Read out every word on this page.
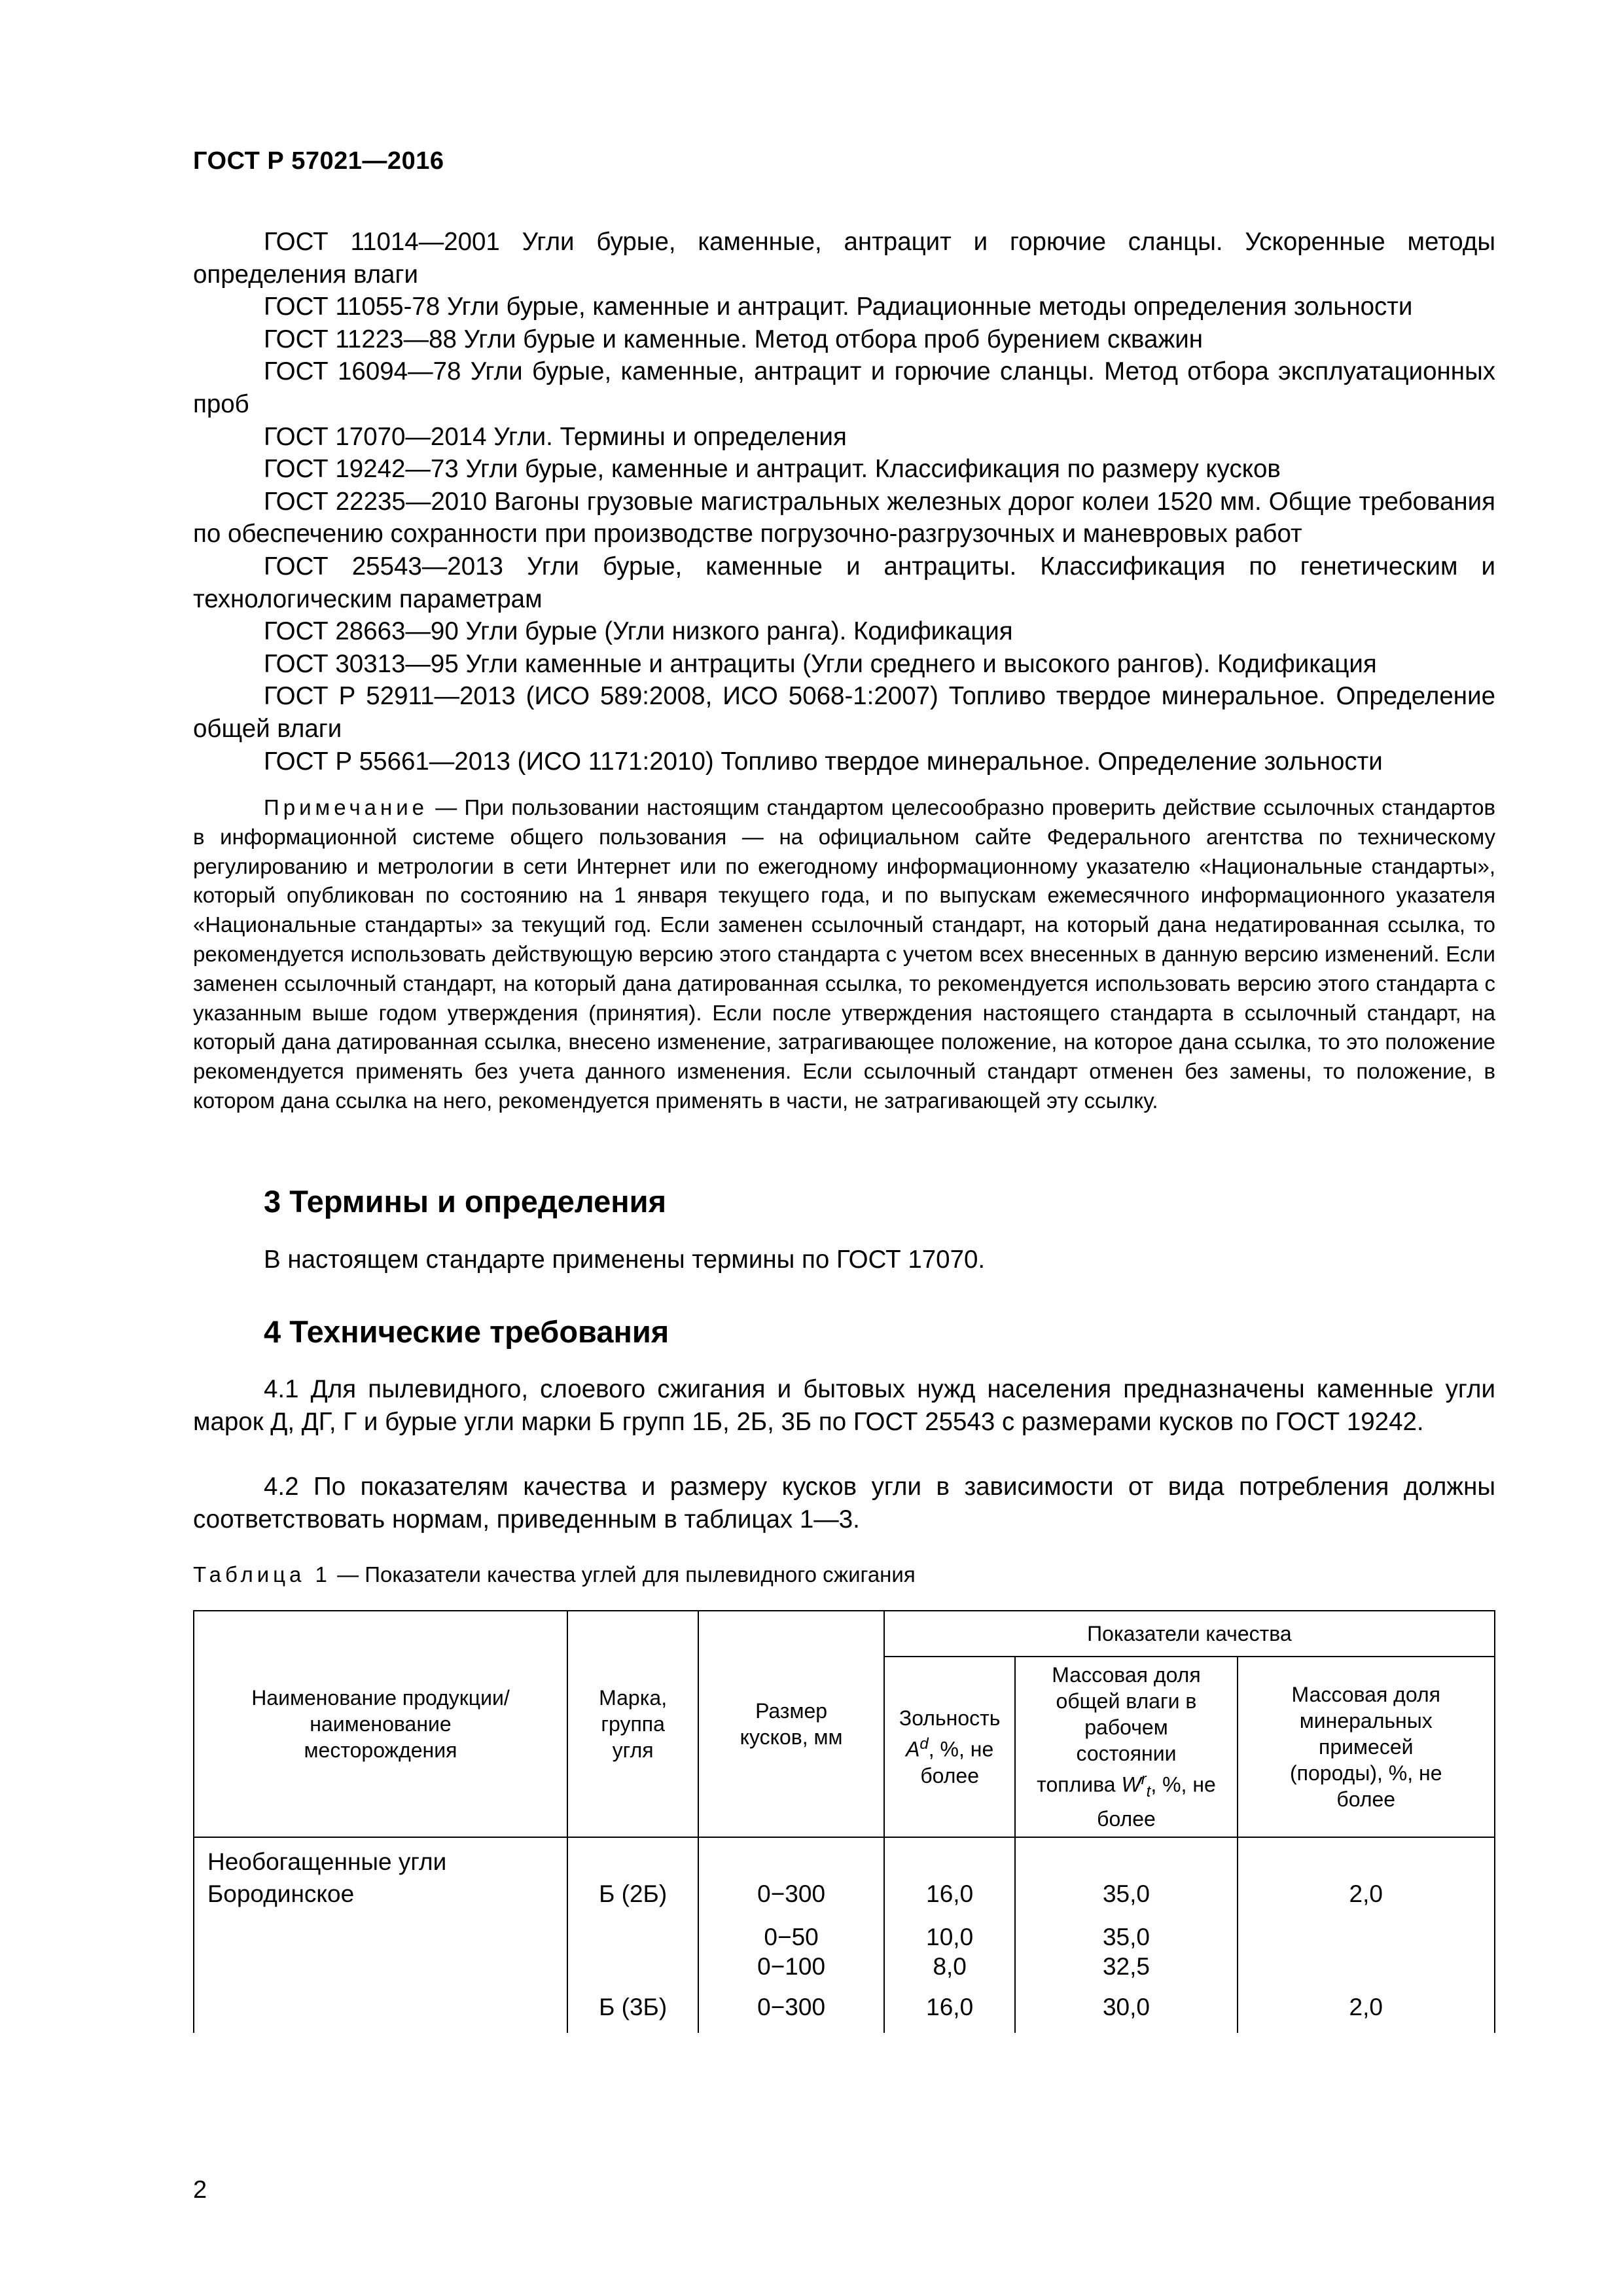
ГОСТ Р 57021—2016

ГОСТ 11014—2001 Угли бурые, каменные, антрацит и горючие сланцы. Ускоренные методы определения влаги

ГОСТ 11055-78 Угли бурые, каменные и антрацит. Радиационные методы определения зольности

ГОСТ 11223—88 Угли бурые и каменные. Метод отбора проб бурением скважин

ГОСТ 16094—78 Угли бурые, каменные, антрацит и горючие сланцы. Метод отбора эксплуатационных проб

ГОСТ 17070—2014 Угли. Термины и определения

ГОСТ 19242—73 Угли бурые, каменные и антрацит. Классификация по размеру кусков

ГОСТ 22235—2010 Вагоны грузовые магистральных железных дорог колеи 1520 мм. Общие требования по обеспечению сохранности при производстве погрузочно-разгрузочных и маневровых работ

ГОСТ 25543—2013 Угли бурые, каменные и антрациты. Классификация по генетическим и технологическим параметрам

ГОСТ 28663—90 Угли бурые (Угли низкого ранга). Кодификация

ГОСТ 30313—95 Угли каменные и антрациты (Угли среднего и высокого рангов). Кодификация

ГОСТ Р 52911—2013 (ИСО 589:2008, ИСО 5068-1:2007) Топливо твердое минеральное. Определение общей влаги

ГОСТ Р 55661—2013 (ИСО 1171:2010) Топливо твердое минеральное. Определение зольности

Примечание — При пользовании настоящим стандартом целесообразно проверить действие ссылочных стандартов в информационной системе общего пользования — на официальном сайте Федерального агентства по техническому регулированию и метрологии в сети Интернет или по ежегодному информационному указателю «Национальные стандарты», который опубликован по состоянию на 1 января текущего года, и по выпускам ежемесячного информационного указателя «Национальные стандарты» за текущий год. Если заменен ссылочный стандарт, на который дана недатированная ссылка, то рекомендуется использовать действующую версию этого стандарта с учетом всех внесенных в данную версию изменений. Если заменен ссылочный стандарт, на который дана датированная ссылка, то рекомендуется использовать версию этого стандарта с указанным выше годом утверждения (принятия). Если после утверждения настоящего стандарта в ссылочный стандарт, на который дана датированная ссылка, внесено изменение, затрагивающее положение, на которое дана ссылка, то это положение рекомендуется применять без учета данного изменения. Если ссылочный стандарт отменен без замены, то положение, в котором дана ссылка на него, рекомендуется применять в части, не затрагивающей эту ссылку.

3 Термины и определения
В настоящем стандарте применены термины по ГОСТ 17070.
4 Технические требования

4.1 Для пылевидного, слоевого сжигания и бытовых нужд населения предназначены каменные угли марок Д, ДГ, Г и бурые угли марки Б групп 1Б, 2Б, 3Б по ГОСТ 25543 с размерами кусков по ГОСТ 19242.

4.2 По показателям качества и размеру кусков угли в зависимости от вида потребления должны соответствовать нормам, приведенным в таблицах 1—3.

Таблица 1 — Показатели качества углей для пылевидного сжигания
Наименование продукции/ наименование месторождения	Марка, группа угля	Размер кусков, мм	Показатели качества		

			Зольность $A^d$, %, не более	Массовая доля общей влаги в рабочем состоянии топлива $W^r_t$, %, не более	Массовая доля минеральных примесей (породы), %, не более

Необогащенные угли					
Бородинское	Б (2Б)	0−300	16,0	35,0	2,0
		0−50	10,0	35,0	
		0−100	8,0	32,5	
	Б (3Б)	0−300	16,0	30,0	2,0
2
